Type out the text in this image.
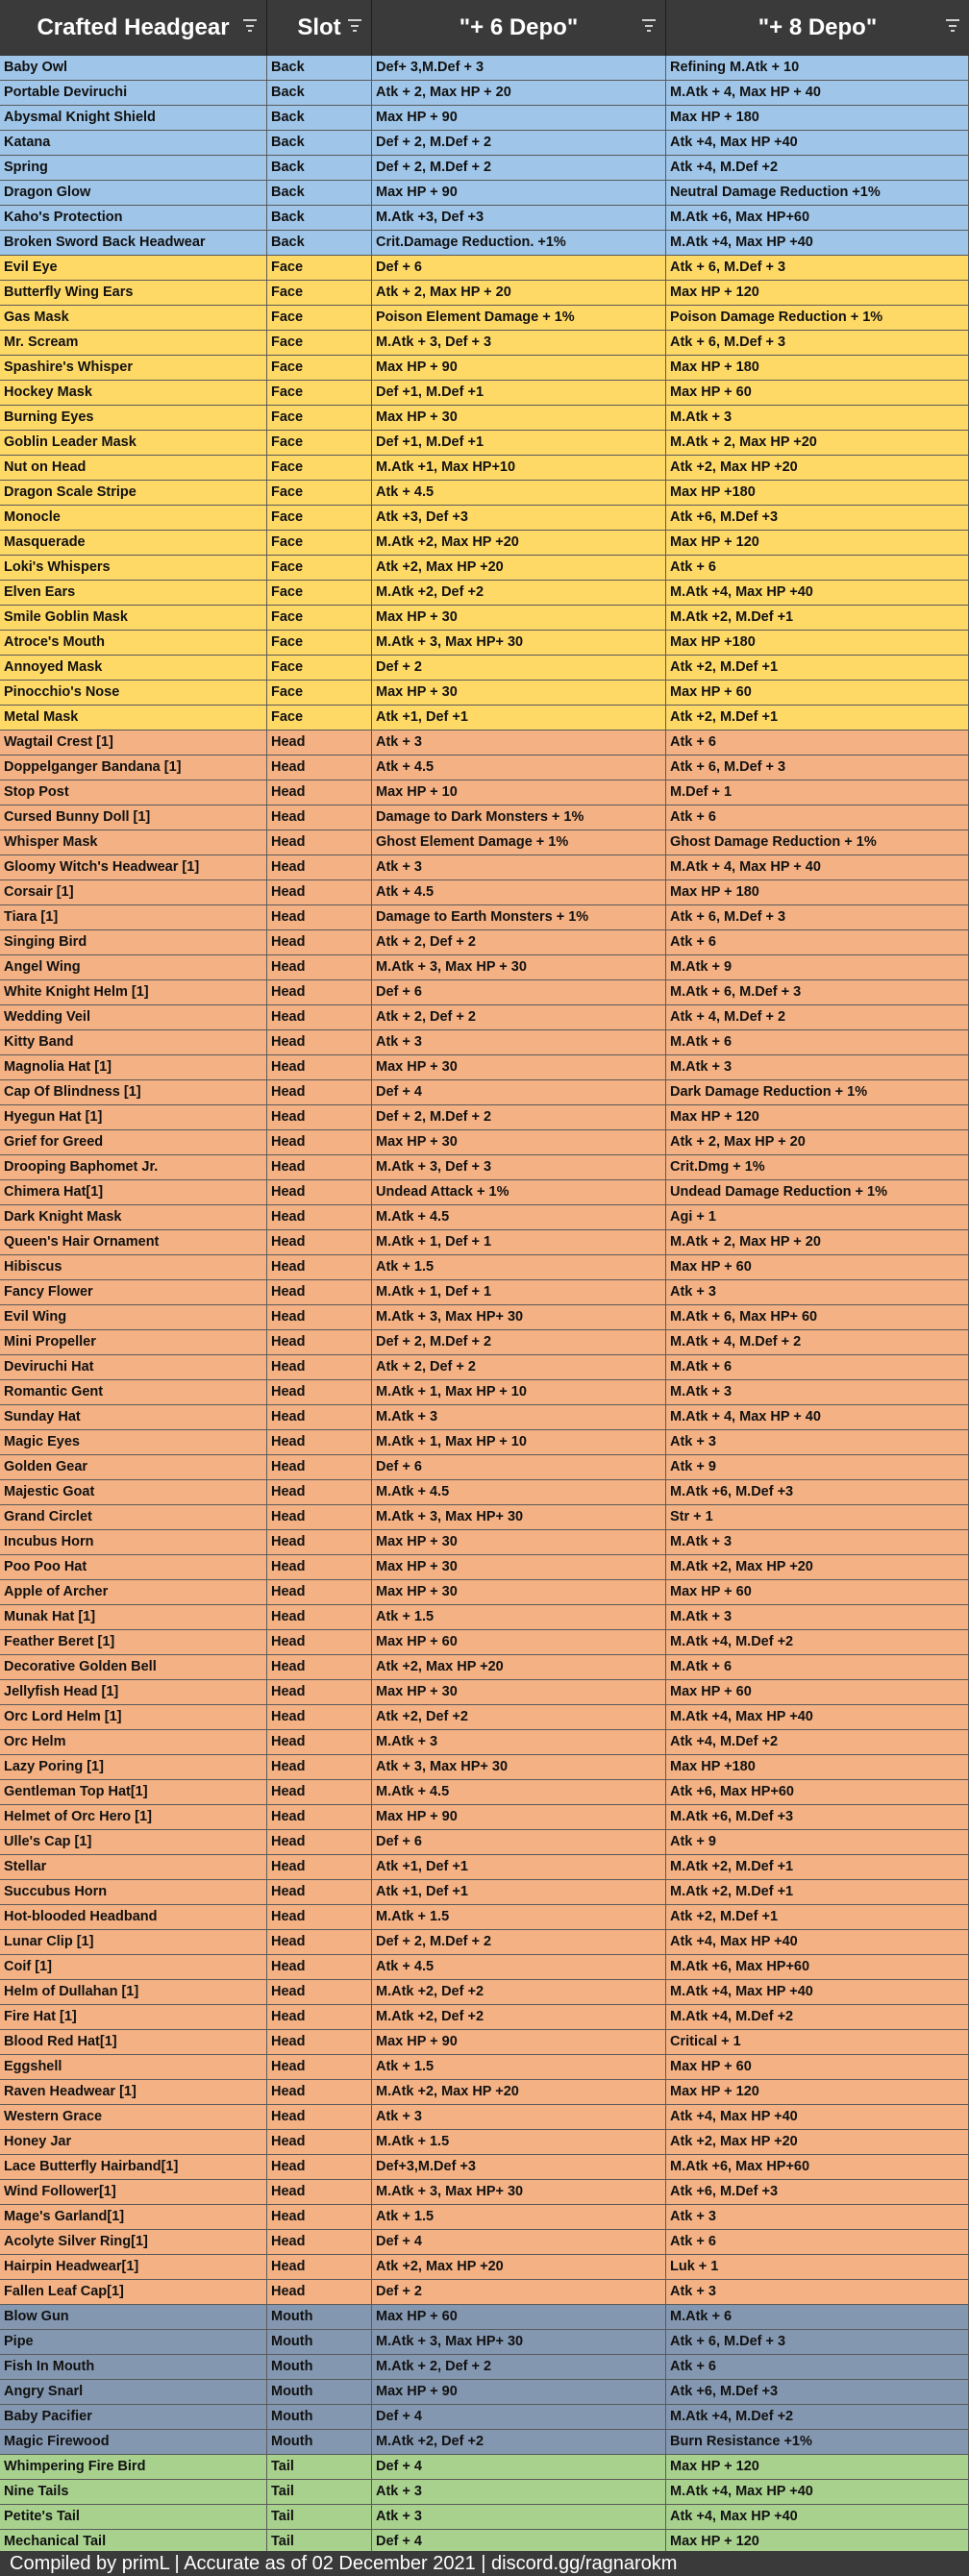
Crafted Headgear	Slot	"+ 6 Depo"	"+ 8 Depo"
Baby Owl	Back	Def+ 3,M.Def + 3	Refining M.Atk + 10
Portable Deviruchi	Back	Atk + 2, Max HP + 20	M.Atk + 4, Max HP + 40
Abysmal Knight Shield	Back	Max HP + 90	Max HP + 180
Katana	Back	Def + 2, M.Def + 2	Atk +4, Max HP +40
Spring	Back	Def + 2, M.Def + 2	Atk +4, M.Def +2
Dragon Glow	Back	Max HP + 90	Neutral Damage Reduction +1%
Kaho's Protection	Back	M.Atk +3, Def +3	M.Atk +6, Max HP+60
Broken Sword Back Headwear	Back	Crit.Damage Reduction. +1%	M.Atk +4, Max HP +40
Evil Eye	Face	Def + 6	Atk + 6, M.Def + 3
Butterfly Wing Ears	Face	Atk + 2, Max HP + 20	Max HP + 120
Gas Mask	Face	Poison Element Damage + 1%	Poison Damage Reduction + 1%
Mr. Scream	Face	M.Atk + 3, Def + 3	Atk + 6, M.Def + 3
Spashire's Whisper	Face	Max HP + 90	Max HP + 180
Hockey Mask	Face	Def +1, M.Def +1	Max HP + 60
Burning Eyes	Face	Max HP + 30	M.Atk + 3
Goblin Leader Mask	Face	Def +1, M.Def +1	M.Atk + 2, Max HP +20
Nut on Head	Face	M.Atk +1, Max HP+10	Atk +2, Max HP +20
Dragon Scale Stripe	Face	Atk + 4.5	Max HP +180
Monocle	Face	Atk +3, Def +3	Atk +6, M.Def +3
Masquerade	Face	M.Atk +2, Max HP +20	Max HP + 120
Loki's Whispers	Face	Atk +2, Max HP +20	Atk + 6
Elven Ears	Face	M.Atk +2, Def +2	M.Atk +4, Max HP +40
Smile Goblin Mask	Face	Max HP + 30	M.Atk +2, M.Def +1
Atroce's Mouth	Face	M.Atk + 3, Max HP+ 30	Max HP +180
Annoyed Mask	Face	Def + 2	Atk +2, M.Def +1
Pinocchio's Nose	Face	Max HP + 30	Max HP + 60
Metal Mask	Face	Atk +1, Def +1	Atk +2, M.Def +1
Wagtail Crest [1]	Head	Atk + 3	Atk + 6
Doppelganger Bandana [1]	Head	Atk + 4.5	Atk + 6, M.Def + 3
Stop Post	Head	Max HP + 10	M.Def + 1
Cursed Bunny Doll [1]	Head	Damage to Dark Monsters + 1%	Atk + 6
Whisper Mask	Head	Ghost Element Damage + 1%	Ghost Damage Reduction + 1%
Gloomy Witch's Headwear [1]	Head	Atk + 3	M.Atk + 4, Max HP + 40
Corsair [1]	Head	Atk + 4.5	Max HP + 180
Tiara [1]	Head	Damage to Earth Monsters + 1%	Atk + 6, M.Def + 3
Singing Bird	Head	Atk + 2, Def + 2	Atk + 6
Angel Wing	Head	M.Atk + 3, Max HP + 30	M.Atk + 9
White Knight Helm [1]	Head	Def + 6	M.Atk + 6, M.Def + 3
Wedding Veil	Head	Atk + 2, Def + 2	Atk + 4, M.Def + 2
Kitty Band	Head	Atk + 3	M.Atk + 6
Magnolia Hat [1]	Head	Max HP + 30	M.Atk + 3
Cap Of Blindness [1]	Head	Def + 4	Dark Damage Reduction + 1%
Hyegun Hat [1]	Head	Def + 2, M.Def + 2	Max HP + 120
Grief for Greed	Head	Max HP + 30	Atk + 2, Max HP + 20
Drooping Baphomet Jr.	Head	M.Atk + 3, Def + 3	Crit.Dmg + 1%
Chimera Hat[1]	Head	Undead Attack + 1%	Undead Damage Reduction + 1%
Dark Knight Mask	Head	M.Atk + 4.5	Agi + 1
Queen's Hair Ornament	Head	M.Atk + 1, Def + 1	M.Atk + 2, Max HP + 20
Hibiscus	Head	Atk + 1.5	Max HP + 60
Fancy Flower	Head	M.Atk + 1, Def + 1	Atk + 3
Evil Wing	Head	M.Atk + 3, Max HP+ 30	M.Atk + 6, Max HP+ 60
Mini Propeller	Head	Def + 2, M.Def + 2	M.Atk + 4, M.Def + 2
Deviruchi Hat	Head	Atk + 2, Def + 2	M.Atk + 6
Romantic Gent	Head	M.Atk + 1, Max HP + 10	M.Atk + 3
Sunday Hat	Head	M.Atk + 3	M.Atk + 4, Max HP + 40
Magic Eyes	Head	M.Atk + 1, Max HP + 10	Atk + 3
Golden Gear	Head	Def + 6	Atk + 9
Majestic Goat	Head	M.Atk + 4.5	M.Atk +6, M.Def +3
Grand Circlet	Head	M.Atk + 3, Max HP+ 30	Str + 1
Incubus Horn	Head	Max HP + 30	M.Atk + 3
Poo Poo Hat	Head	Max HP + 30	M.Atk +2, Max HP +20
Apple of Archer	Head	Max HP + 30	Max HP + 60
Munak Hat [1]	Head	Atk + 1.5	M.Atk + 3
Feather Beret [1]	Head	Max HP + 60	M.Atk +4, M.Def +2
Decorative Golden Bell	Head	Atk +2, Max HP +20	M.Atk + 6
Jellyfish Head [1]	Head	Max HP + 30	Max HP + 60
Orc Lord Helm [1]	Head	Atk +2, Def +2	M.Atk +4, Max HP +40
Orc Helm	Head	M.Atk + 3	Atk +4, M.Def +2
Lazy Poring [1]	Head	Atk + 3, Max HP+ 30	Max HP +180
Gentleman Top Hat[1]	Head	M.Atk + 4.5	Atk +6, Max HP+60
Helmet of Orc Hero [1]	Head	Max HP + 90	M.Atk +6, M.Def +3
Ulle's Cap [1]	Head	Def + 6	Atk + 9
Stellar	Head	Atk +1, Def +1	M.Atk +2, M.Def +1
Succubus Horn	Head	Atk +1, Def +1	M.Atk +2, M.Def +1
Hot-blooded Headband	Head	M.Atk + 1.5	Atk +2, M.Def +1
Lunar Clip [1]	Head	Def + 2, M.Def + 2	Atk +4, Max HP +40
Coif [1]	Head	Atk + 4.5	M.Atk +6, Max HP+60
Helm of Dullahan [1]	Head	M.Atk +2, Def +2	M.Atk +4, Max HP +40
Fire Hat [1]	Head	M.Atk +2, Def +2	M.Atk +4, M.Def +2
Blood Red Hat[1]	Head	Max HP + 90	Critical + 1
Eggshell	Head	Atk + 1.5	Max HP + 60
Raven Headwear [1]	Head	M.Atk +2, Max HP +20	Max HP + 120
Western Grace	Head	Atk + 3	Atk +4, Max HP +40
Honey Jar	Head	M.Atk + 1.5	Atk +2, Max HP +20
Lace Butterfly Hairband[1]	Head	Def+3,M.Def +3	M.Atk +6, Max HP+60
Wind Follower[1]	Head	M.Atk + 3, Max HP+ 30	Atk +6, M.Def +3
Mage's Garland[1]	Head	Atk + 1.5	Atk + 3
Acolyte Silver Ring[1]	Head	Def + 4	Atk + 6
Hairpin Headwear[1]	Head	Atk +2, Max HP +20	Luk + 1
Fallen Leaf Cap[1]	Head	Def + 2	Atk + 3
Blow Gun	Mouth	Max HP + 60	M.Atk + 6
Pipe	Mouth	M.Atk + 3, Max HP+ 30	Atk + 6, M.Def + 3
Fish In Mouth	Mouth	M.Atk + 2, Def + 2	Atk + 6
Angry Snarl	Mouth	Max HP + 90	Atk +6, M.Def +3
Baby Pacifier	Mouth	Def + 4	M.Atk +4, M.Def +2
Magic Firewood	Mouth	M.Atk +2, Def +2	Burn Resistance +1%
Whimpering Fire Bird	Tail	Def + 4	Max HP + 120
Nine Tails	Tail	Atk + 3	M.Atk +4, Max HP +40
Petite's Tail	Tail	Atk + 3	Atk +4, Max HP +40
Mechanical Tail	Tail	Def + 4	Max HP + 120
Compiled by primL | Accurate as of 02 December 2021 | discord.gg/ragnarokm
